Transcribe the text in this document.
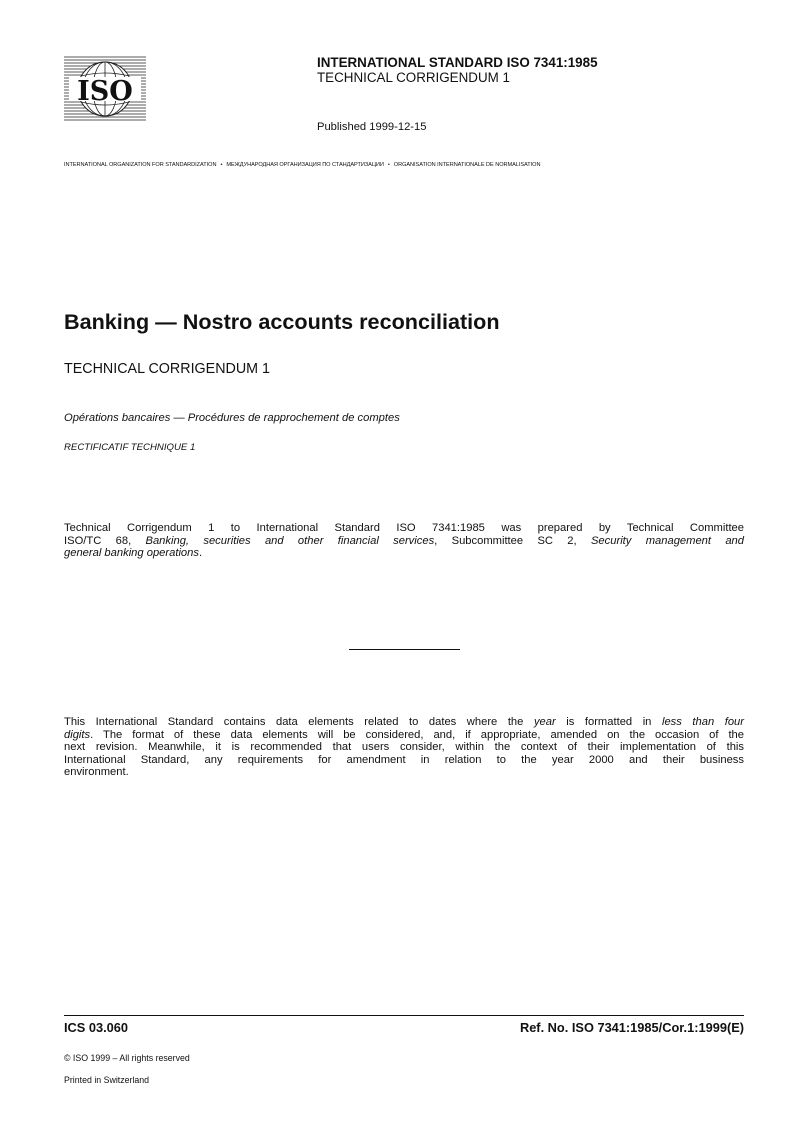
ISO
INTERNATIONAL STANDARD ISO 7341:1985
TECHNICAL CORRIGENDUM 1
Published 1999-12-15
INTERNATIONAL ORGANIZATION FOR STANDARDIZATION • МЕЖДУНАРОДНАЯ ОРГАНИЗАЦИЯ ПО СТАНДАРТИЗАЦИИ • ORGANISATION INTERNATIONALE DE NORMALISATION
Banking — Nostro accounts reconciliation
TECHNICAL CORRIGENDUM 1
Opérations bancaires — Procédures de rapprochement de comptes
RECTIFICATIF TECHNIQUE 1
Technical Corrigendum 1 to International Standard ISO 7341:1985 was prepared by Technical Committee
ISO/TC 68, Banking, securities and other financial services, Subcommittee SC 2, Security management and
general banking operations.
This International Standard contains data elements related to dates where the year is formatted in less than four
digits. The format of these data elements will be considered, and, if appropriate, amended on the occasion of the
next revision. Meanwhile, it is recommended that users consider, within the context of their implementation of this
International Standard, any requirements for amendment in relation to the year 2000 and their business
environment.
ICS 03.060	Ref. No. ISO 7341:1985/Cor.1:1999(E)
© ISO 1999 – All rights reserved
Printed in Switzerland
